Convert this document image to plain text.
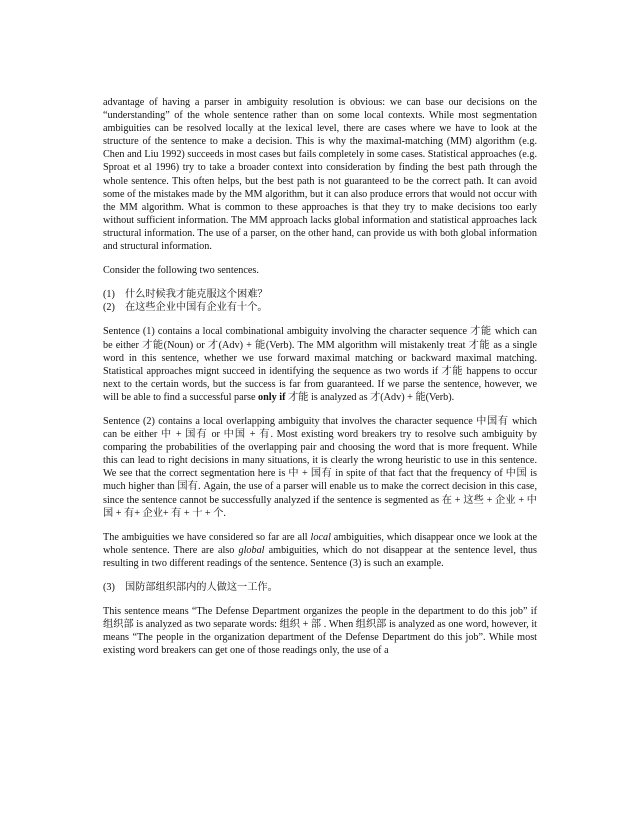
advantage of having a parser in ambiguity resolution is obvious: we can base our decisions on the “understanding” of the whole sentence rather than on some local contexts. While most segmentation ambiguities can be resolved locally at the lexical level, there are cases where we have to look at the structure of the sentence to make a decision. This is why the maximal-matching (MM) algorithm (e.g. Chen and Liu 1992) succeeds in most cases but fails completely in some cases. Statistical approaches (e.g. Sproat et al 1996) try to take a broader context into consideration by finding the best path through the whole sentence. This often helps, but the best path is not guaranteed to be the correct path. It can avoid some of the mistakes made by the MM algorithm, but it can also produce errors that would not occur with the MM algorithm. What is common to these approaches is that they try to make decisions too early without sufficient information. The MM approach lacks global information and statistical approaches lack structural information. The use of a parser, on the other hand, can provide us with both global information and structural information.

Consider the following two sentences.

(1) 什么时候我才能克服这个困难？

(2) 在这些企业中国有企业有十个。

Sentence (1) contains a local combinational ambiguity involving the character sequence 才能 which can be either 才能(Noun) or 才(Adv) + 能(Verb). The MM algorithm will mistakenly treat 才能 as a single word in this sentence, whether we use forward maximal matching or backward maximal matching. Statistical approaches mignt succeed in identifying the sequence as two words if 才能 happens to occur next to the certain words, but the success is far from guaranteed. If we parse the sentence, however, we will be able to find a successful parse only if 才能 is analyzed as 才(Adv) + 能(Verb).

Sentence (2) contains a local overlapping ambiguity that involves the character sequence 中国有 which can be either 中 + 国有 or 中国 + 有. Most existing word breakers try to resolve such ambiguity by comparing the probabilities of the overlapping pair and choosing the word that is more frequent. While this can lead to right decisions in many situations, it is clearly the wrong heuristic to use in this sentence. We see that the correct segmentation here is 中 + 国有 in spite of that fact that the frequency of 中国 is much higher than 国有. Again, the use of a parser will enable us to make the correct decision in this case, since the sentence cannot be successfully analyzed if the sentence is segmented as 在 + 这些 + 企业 + 中国 + 有+ 企业+ 有 + 十 + 个.

The ambiguities we have considered so far are all local ambiguities, which disappear once we look at the whole sentence. There are also global ambiguities, which do not disappear at the sentence level, thus resulting in two different readings of the sentence. Sentence (3) is such an example.

(3) 国防部组织部内的人做这一工作。

This sentence means “The Defense Department organizes the people in the department to do this job” if 组织部 is analyzed as two separate words: 组织 + 部 . When 组织部 is analyzed as one word, however, it means “The people in the organization department of the Defense Department do this job”. While most existing word breakers can get one of those readings only, the use of a
